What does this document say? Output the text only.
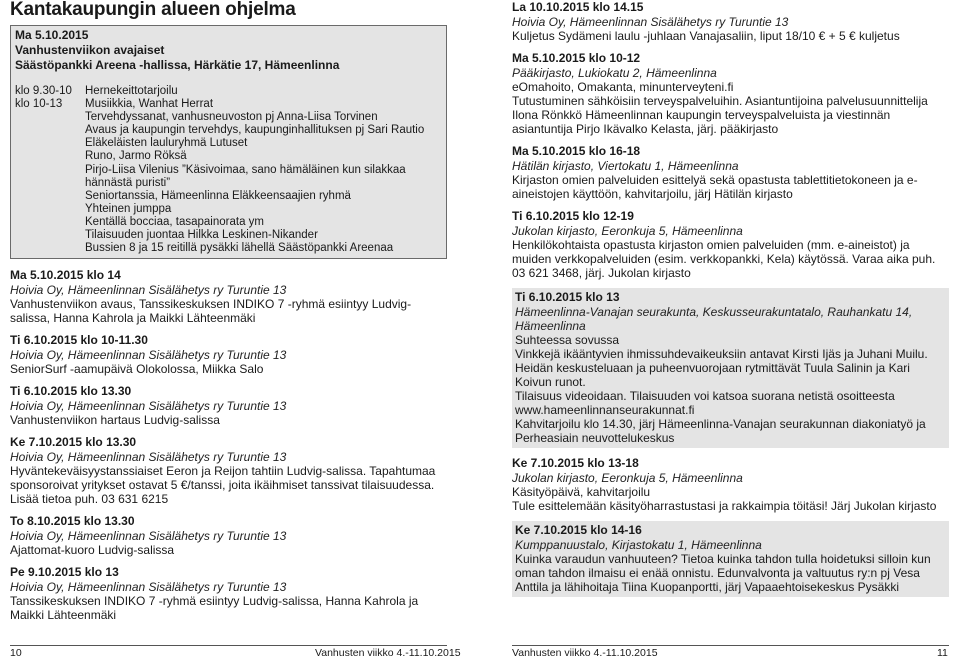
Kantakaupungin alueen ohjelma
Ma 5.10.2015
Vanhustenviikon avajaiset
Säästöpankki Areena -hallissa, Härkätie 17, Hämeenlinna
klo 9.30-10	Hernekeittotarjoilu
klo 10-13	Musiikkia, Wanhat Herrat
Tervehdyssanat, vanhusneuvoston pj Anna-Liisa Torvinen
Avaus ja kaupungin tervehdys, kaupunginhallituksen pj Sari Rautio
Eläkeläisten lauluryhmä Lutuset
Runo, Jarmo Röksä
Pirjo-Liisa Vilenius ”Käsivoimaa, sano hämäläinen kun silakkaa hännästä puristi”
Seniortanssia, Hämeenlinna Eläkkeensaajien ryhmä
Yhteinen jumppa
Kentällä bocciaa, tasapainorata ym
Tilaisuuden juontaa Hilkka Leskinen-Nikander
Bussien 8 ja 15 reitillä pysäkki lähellä Säästöpankki Areenaa
Ma 5.10.2015 klo 14
Hoivia Oy, Hämeenlinnan Sisälähetys ry Turuntie 13
Vanhustenviikon avaus, Tanssikeskuksen INDIKO 7 -ryhmä esiintyy Ludvig-salissa, Hanna Kahrola ja Maikki Lähteenmäki
Ti 6.10.2015 klo 10-11.30
Hoivia Oy, Hämeenlinnan Sisälähetys ry Turuntie 13
SeniorSurf -aamupäivä Olokolossa, Miikka Salo
Ti 6.10.2015 klo 13.30
Hoivia Oy, Hämeenlinnan Sisälähetys ry Turuntie 13
Vanhustenviikon hartaus Ludvig-salissa
Ke 7.10.2015 klo 13.30
Hoivia Oy, Hämeenlinnan Sisälähetys ry Turuntie 13
Hyväntekeväisyystanssiaiset Eeron ja Reijon tahtiin Ludvig-salissa. Tapahtumaa sponsoroivat yritykset ostavat 5 €/tanssi, joita ikäihmiset tanssivat tilaisuudessa. Lisää tietoa puh. 03 631 6215
To 8.10.2015 klo 13.30
Hoivia Oy, Hämeenlinnan Sisälähetys ry Turuntie 13
Ajattomat-kuoro Ludvig-salissa
Pe 9.10.2015 klo 13
Hoivia Oy, Hämeenlinnan Sisälähetys ry Turuntie 13
Tanssikeskuksen INDIKO 7 -ryhmä esiintyy Ludvig-salissa, Hanna Kahrola ja Maikki Lähteenmäki
La 10.10.2015 klo 14.15
Hoivia Oy, Hämeenlinnan Sisälähetys ry Turuntie 13
Kuljetus Sydämeni laulu -juhlaan Vanajasaliin, liput 18/10 € + 5 € kuljetus
Ma 5.10.2015 klo 10-12
Pääkirjasto, Lukiokatu 2, Hämeenlinna
eOmahoito, Omakanta, minunterveyteni.fi
Tutustuminen sähköisiin terveyspalveluihin. Asiantuntijoina palvelusuunnittelija Ilona Rönkkö Hämeenlinnan kaupungin terveyspalveluista ja viestinnän asiantuntija Pirjo Ikävalko Kelasta, järj. pääkirjasto
Ma 5.10.2015 klo 16-18
Hätilän kirjasto, Viertokatu 1, Hämeenlinna
Kirjaston omien palveluiden esittelyä sekä opastusta tablettitietokoneen ja e-aineistojen käyttöön, kahvitarjoilu, järj Hätilän kirjasto
Ti 6.10.2015 klo 12-19
Jukolan kirjasto, Eeronkuja 5, Hämeenlinna
Henkilökohtaista opastusta kirjaston omien palveluiden (mm. e-aineistot) ja muiden verkkopalveluiden (esim. verkkopankki, Kela) käytössä. Varaa aika puh. 03 621 3468, järj. Jukolan kirjasto
Ti 6.10.2015 klo 13
Hämeenlinna-Vanajan seurakunta, Keskusseurakuntatalo, Rauhankatu 14, Hämeenlinna
Suhteessa sovussa
Vinkkejä ikääntyvien ihmissuhdevaikeuksiin antavat Kirsti Ijäs ja Juhani Muilu. Heidän keskusteluaan ja puheenvuorojaan rytmittävät Tuula Salinin ja Kari Koivun runot.
Tilaisuus videoidaan. Tilaisuuden voi katsoa suorana netistä osoitteesta www.hameenlinnanseurakunnat.fi
Kahvitarjoilu klo 14.30, järj Hämeenlinna-Vanajan seurakunnan diakoniatyö ja Perheasiain neuvottelukeskus
Ke 7.10.2015 klo 13-18
Jukolan kirjasto, Eeronkuja 5, Hämeenlinna
Käsityöpäivä, kahvitarjoilu
Tule esittelemään käsityöharrastustasi ja rakkaimpia töitäsi! Järj Jukolan kirjasto
Ke 7.10.2015 klo 14-16
Kumppanuustalo, Kirjastokatu 1, Hämeenlinna
Kuinka varaudun vanhuuteen? Tietoa kuinka tahdon tulla hoidetuksi silloin kun oman tahdon ilmaisu ei enää onnistu. Edunvalvonta ja valtuutus ry:n pj Vesa Anttila ja lähihoitaja Tiina Kuopanportti, järj Vapaaehtoisekeskus Pysäkki
10	Vanhusten viikko 4.-11.10.2015	Vanhusten viikko 4.-11.10.2015	11
